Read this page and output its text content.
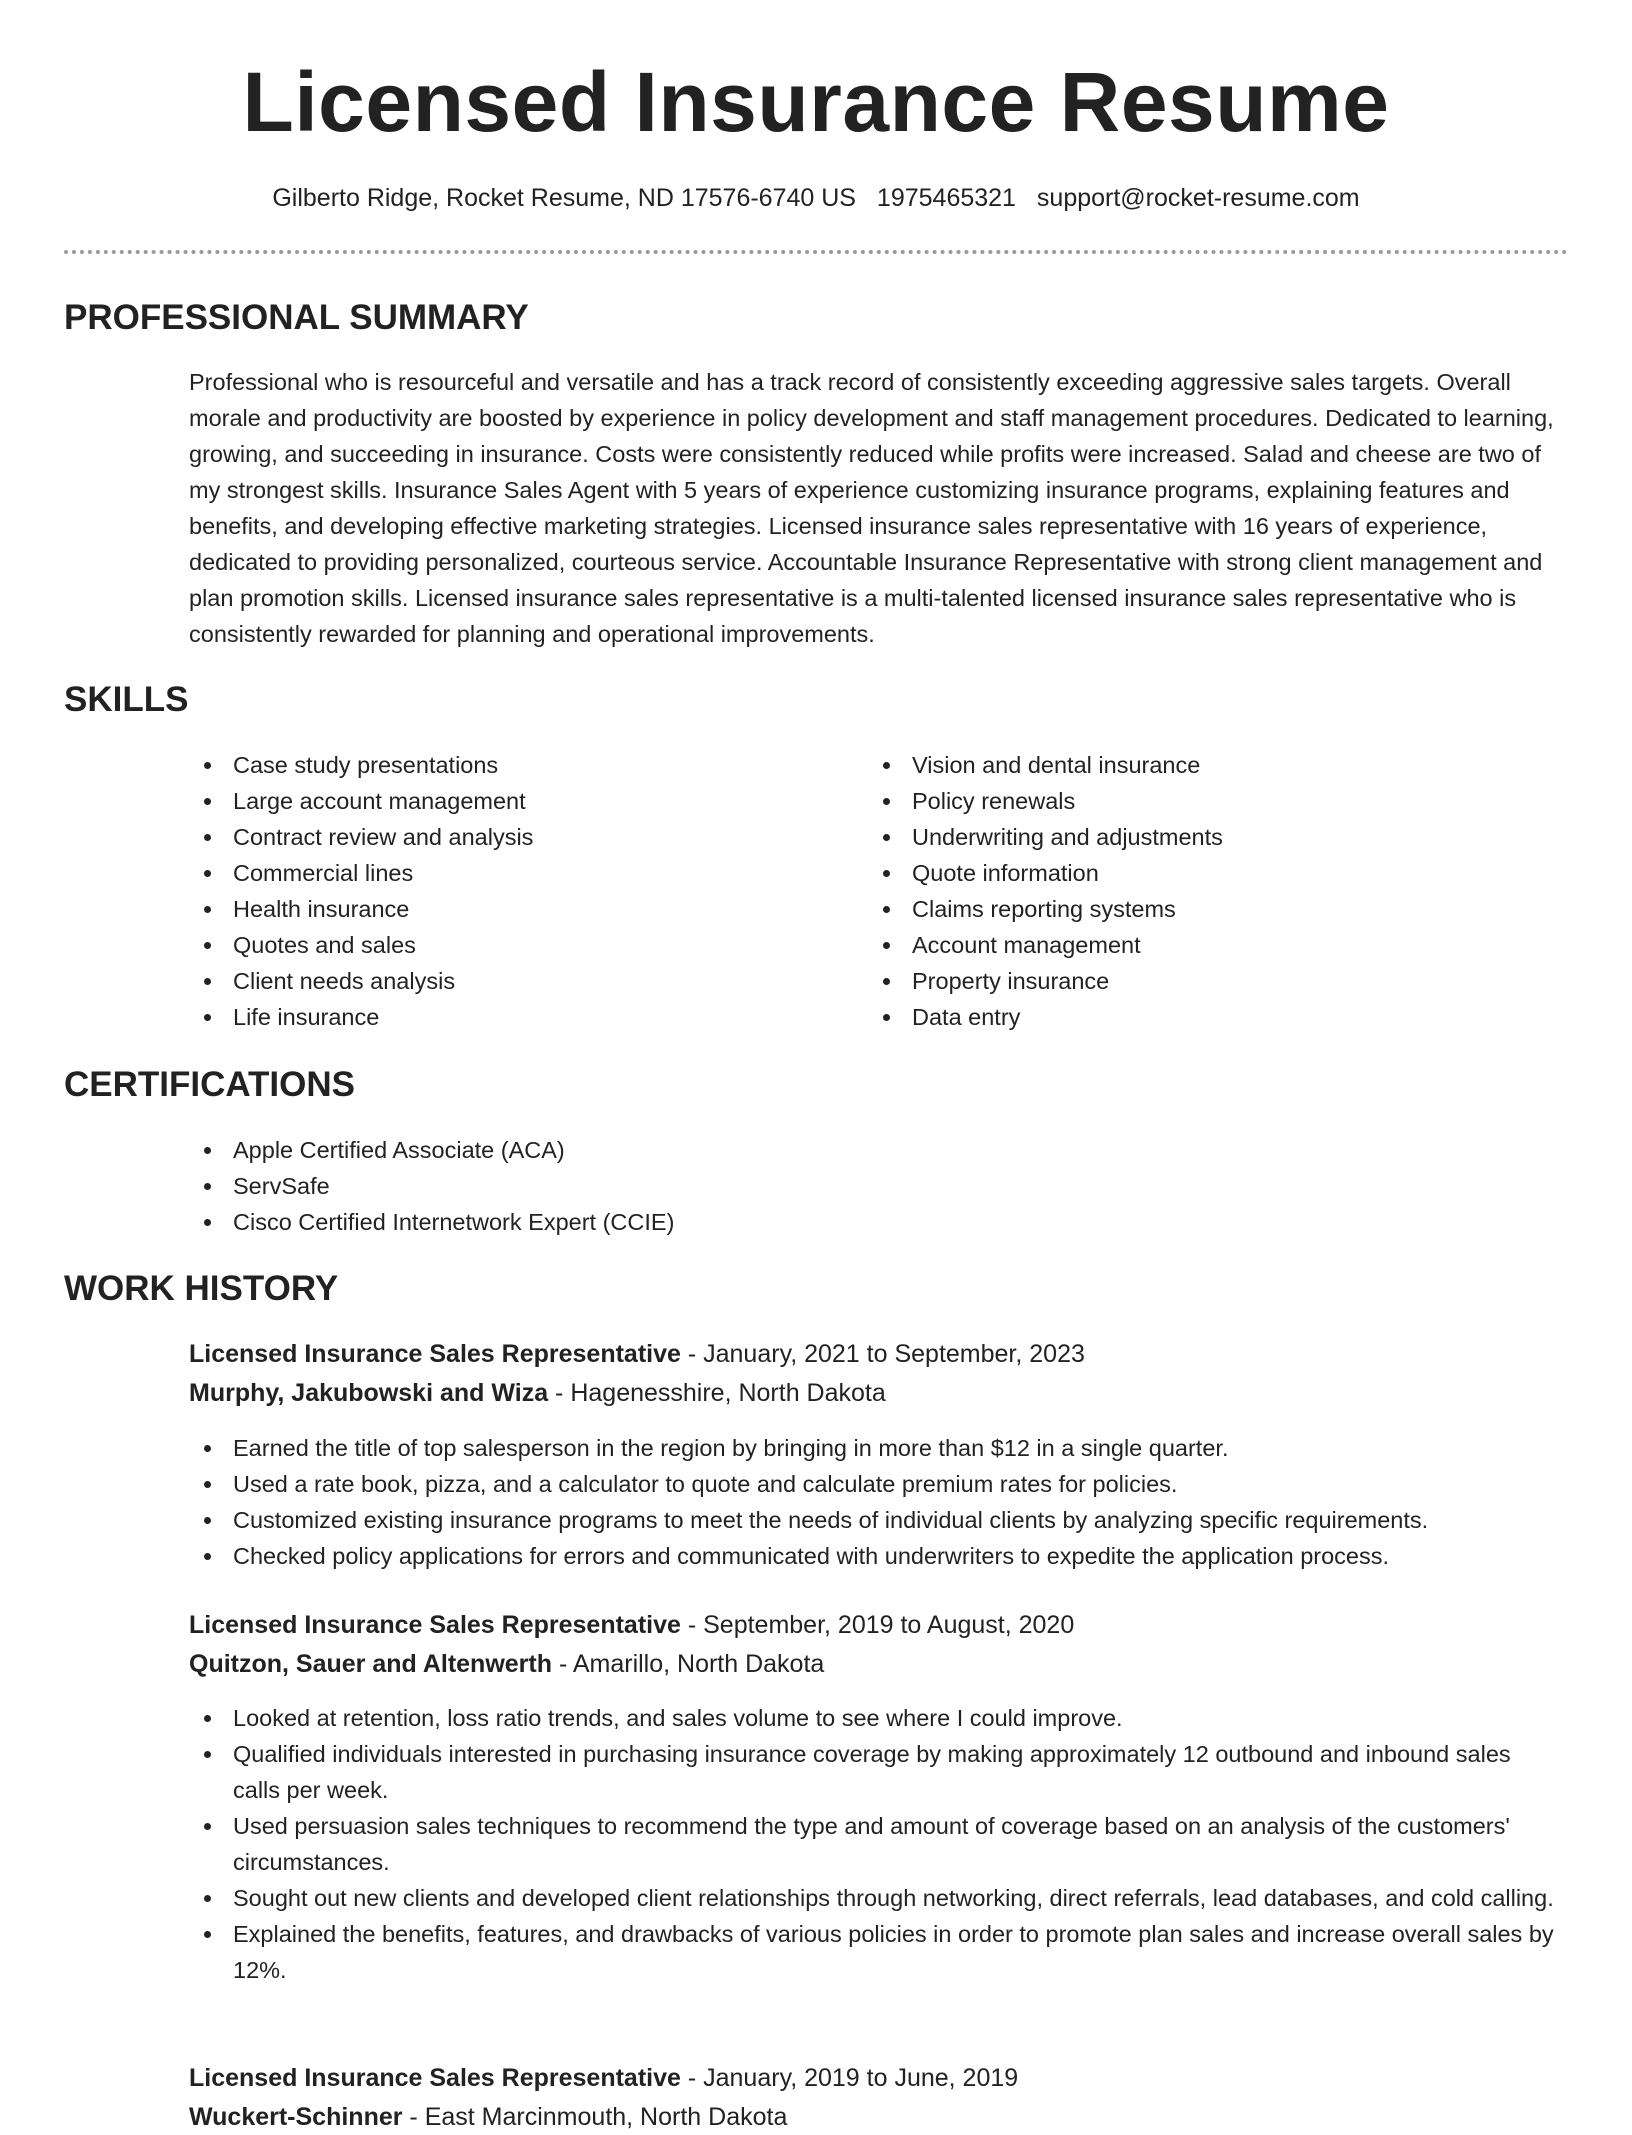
Licensed Insurance Resume
Gilberto Ridge, Rocket Resume, ND 17576-6740 US 1975465321 support@rocket-resume.com
PROFESSIONAL SUMMARY

Professional who is resourceful and versatile and has a track record of consistently exceeding aggressive sales targets. Overall morale and productivity are boosted by experience in policy development and staff management procedures. Dedicated to learning, growing, and succeeding in insurance. Costs were consistently reduced while profits were increased. Salad and cheese are two of my strongest skills. Insurance Sales Agent with 5 years of experience customizing insurance programs, explaining features and benefits, and developing effective marketing strategies. Licensed insurance sales representative with 16 years of experience, dedicated to providing personalized, courteous service. Accountable Insurance Representative with strong client management and plan promotion skills. Licensed insurance sales representative is a multi-talented licensed insurance sales representative who is consistently rewarded for planning and operational improvements.

SKILLS
Case study presentations
Large account management
Contract review and analysis
Commercial lines
Health insurance
Quotes and sales
Client needs analysis
Life insurance
Vision and dental insurance
Policy renewals
Underwriting and adjustments
Quote information
Claims reporting systems
Account management
Property insurance
Data entry
CERTIFICATIONS
Apple Certified Associate (ACA)
ServSafe
Cisco Certified Internetwork Expert (CCIE)
WORK HISTORY
Licensed Insurance Sales Representative - January, 2021 to September, 2023
Murphy, Jakubowski and Wiza - Hagenesshire, North Dakota
Earned the title of top salesperson in the region by bringing in more than $12 in a single quarter.
Used a rate book, pizza, and a calculator to quote and calculate premium rates for policies.
Customized existing insurance programs to meet the needs of individual clients by analyzing specific requirements.
Checked policy applications for errors and communicated with underwriters to expedite the application process.
Licensed Insurance Sales Representative - September, 2019 to August, 2020
Quitzon, Sauer and Altenwerth - Amarillo, North Dakota
Looked at retention, loss ratio trends, and sales volume to see where I could improve.
Qualified individuals interested in purchasing insurance coverage by making approximately 12 outbound and inbound sales calls per week.
Used persuasion sales techniques to recommend the type and amount of coverage based on an analysis of the customers' circumstances.
Sought out new clients and developed client relationships through networking, direct referrals, lead databases, and cold calling.
Explained the benefits, features, and drawbacks of various policies in order to promote plan sales and increase overall sales by 12%.
Licensed Insurance Sales Representative - January, 2019 to June, 2019
Wuckert-Schinner - East Marcinmouth, North Dakota
